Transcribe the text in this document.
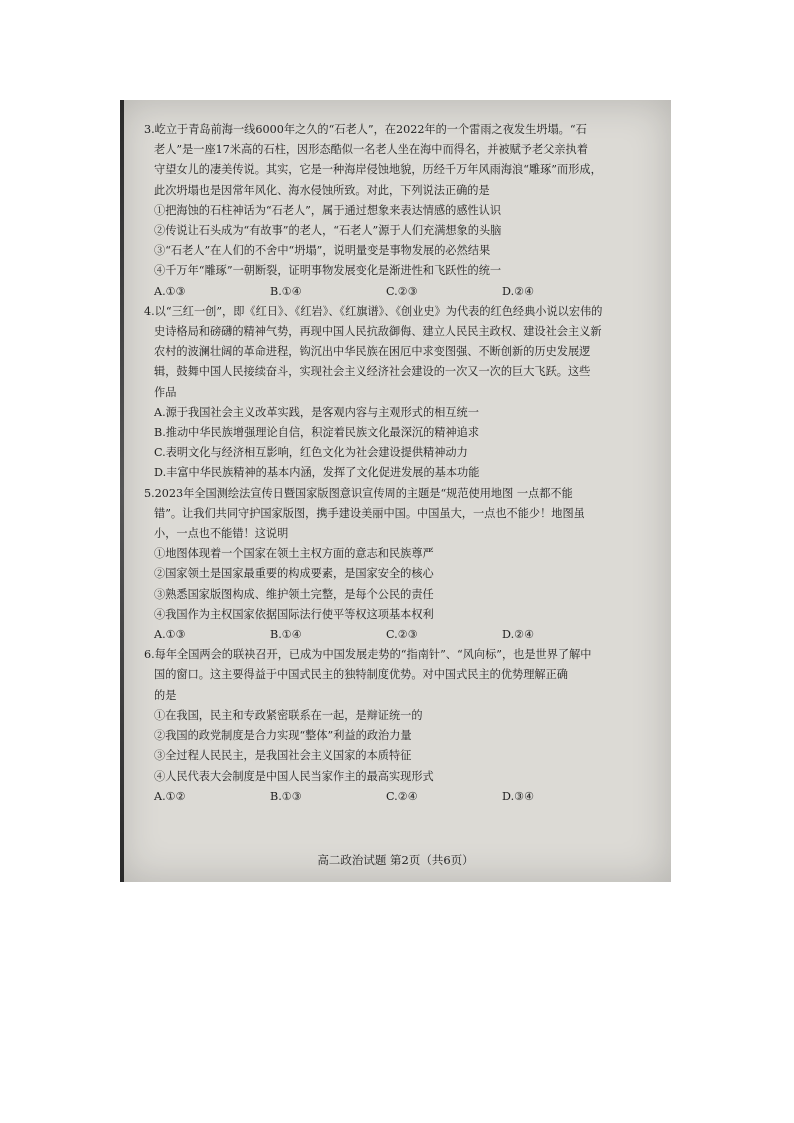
3.屹立于青岛前海一线6000年之久的“石老人”，在2022年的一个雷雨之夜发生坍塌。“石
老人”是一座17米高的石柱，因形态酷似一名老人坐在海中而得名，并被赋予老父亲执着
守望女儿的凄美传说。其实，它是一种海岸侵蚀地貌，历经千万年风雨海浪“雕琢”而形成，
此次坍塌也是因常年风化、海水侵蚀所致。对此，下列说法正确的是
①把海蚀的石柱神话为“石老人”，属于通过想象来表达情感的感性认识
②传说让石头成为“有故事”的老人，“石老人”源于人们充满想象的头脑
③“石老人”在人们的不舍中“坍塌”，说明量变是事物发展的必然结果
④千万年“雕琢”一朝断裂，证明事物发展变化是渐进性和飞跃性的统一
A.①③	B.①④	C.②③	D.②④
4.以“三红一创”，即《红日》、《红岩》、《红旗谱》、《创业史》为代表的红色经典小说以宏伟的
史诗格局和磅礴的精神气势，再现中国人民抗敌御侮、建立人民民主政权、建设社会主义新
农村的波澜壮阔的革命进程，钩沉出中华民族在困厄中求变图强、不断创新的历史发展逻
辑，鼓舞中国人民接续奋斗，实现社会主义经济社会建设的一次又一次的巨大飞跃。这些
作品
A.源于我国社会主义改革实践，是客观内容与主观形式的相互统一
B.推动中华民族增强理论自信，积淀着民族文化最深沉的精神追求
C.表明文化与经济相互影响，红色文化为社会建设提供精神动力
D.丰富中华民族精神的基本内涵，发挥了文化促进发展的基本功能
5.2023年全国测绘法宣传日暨国家版图意识宣传周的主题是“规范使用地图 一点都不能
错”。让我们共同守护国家版图，携手建设美丽中国。中国虽大，一点也不能少！地图虽
小，一点也不能错！这说明
①地图体现着一个国家在领土主权方面的意志和民族尊严
②国家领土是国家最重要的构成要素，是国家安全的核心
③熟悉国家版图构成、维护领土完整，是每个公民的责任
④我国作为主权国家依据国际法行使平等权这项基本权利
A.①③	B.①④	C.②③	D.②④
6.每年全国两会的联袂召开，已成为中国发展走势的“指南针”、“风向标”，也是世界了解中
国的窗口。这主要得益于中国式民主的独特制度优势。对中国式民主的优势理解正确
的是
①在我国，民主和专政紧密联系在一起，是辩证统一的
②我国的政党制度是合力实现“整体”利益的政治力量
③全过程人民民主，是我国社会主义国家的本质特征
④人民代表大会制度是中国人民当家作主的最高实现形式
A.①②	B.①③	C.②④	D.③④
高二政治试题 第2页（共6页）
